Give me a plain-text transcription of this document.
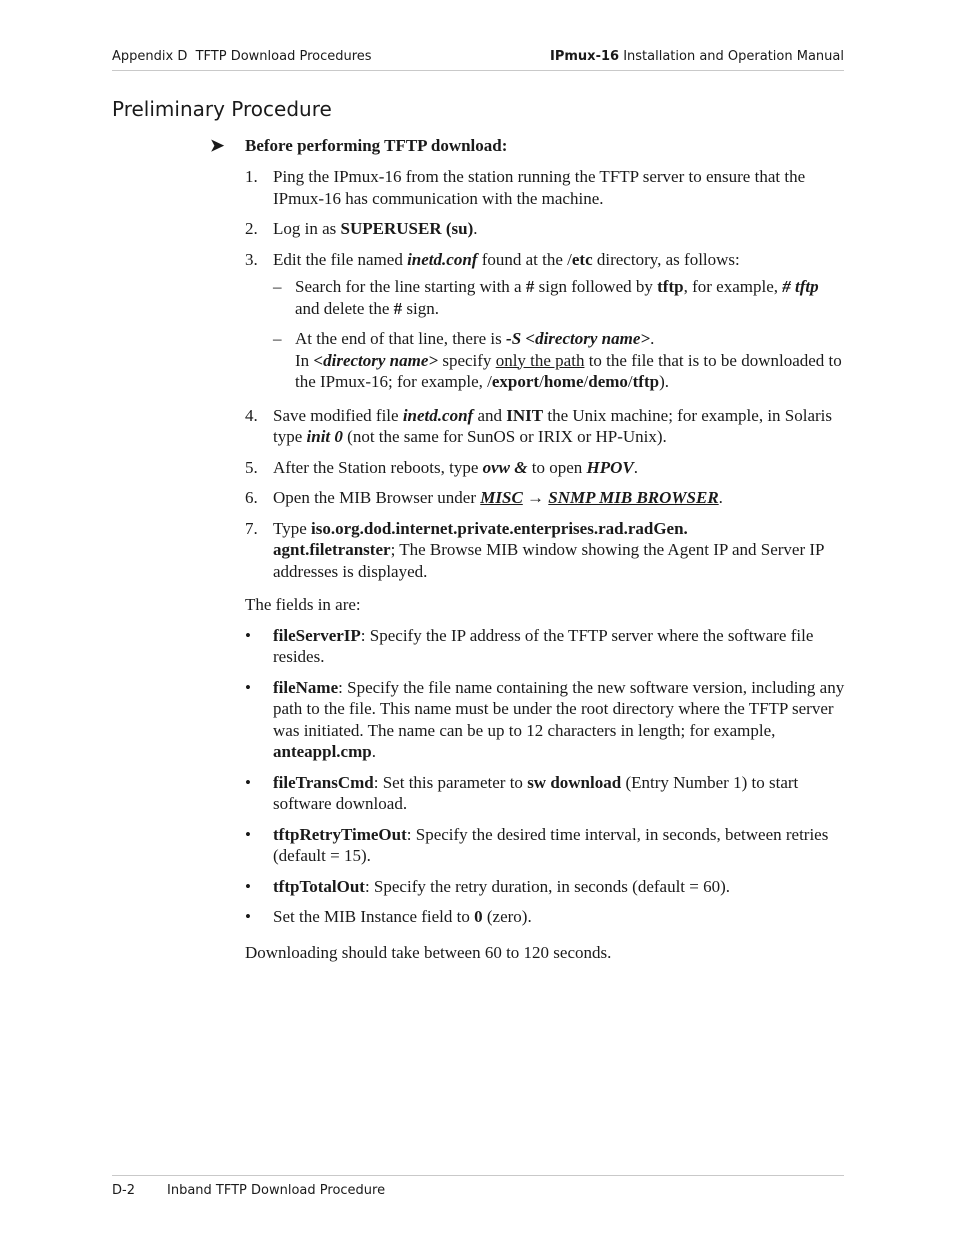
Appendix D  TFTP Download Procedures	IPmux-16 Installation and Operation Manual
Preliminary Procedure
➤ Before performing TFTP download:
1. Ping the IPmux-16 from the station running the TFTP server to ensure that the IPmux-16 has communication with the machine.
2. Log in as SUPERUSER (su).
3. Edit the file named inetd.conf found at the /etc directory, as follows:
– Search for the line starting with a # sign followed by tftp, for example, # tftp and delete the # sign.
– At the end of that line, there is -S <directory name>.
In <directory name> specify only the path to the file that is to be downloaded to the IPmux-16; for example, /export/home/demo/tftp).
4. Save modified file inetd.conf and INIT the Unix machine; for example, in Solaris type init 0 (not the same for SunOS or IRIX or HP-Unix).
5. After the Station reboots, type ovw & to open HPOV.
6. Open the MIB Browser under MISC → SNMP MIB BROWSER.
7. Type iso.org.dod.internet.private.enterprises.rad.radGen.
agnt.filetranster; The Browse MIB window showing the Agent IP and Server IP addresses is displayed.

The fields in are:

• fileServerIP: Specify the IP address of the TFTP server where the software file resides.
• fileName: Specify the file name containing the new software version, including any path to the file. This name must be under the root directory where the TFTP server was initiated. The name can be up to 12 characters in length; for example, anteappl.cmp.
• fileTransCmd: Set this parameter to sw download (Entry Number 1) to start software download.
• tftpRetryTimeOut: Specify the desired time interval, in seconds, between retries (default = 15).
• tftpTotalOut: Specify the retry duration, in seconds (default = 60).
• Set the MIB Instance field to 0 (zero).

Downloading should take between 60 to 120 seconds.

D-2 Inband TFTP Download Procedure
